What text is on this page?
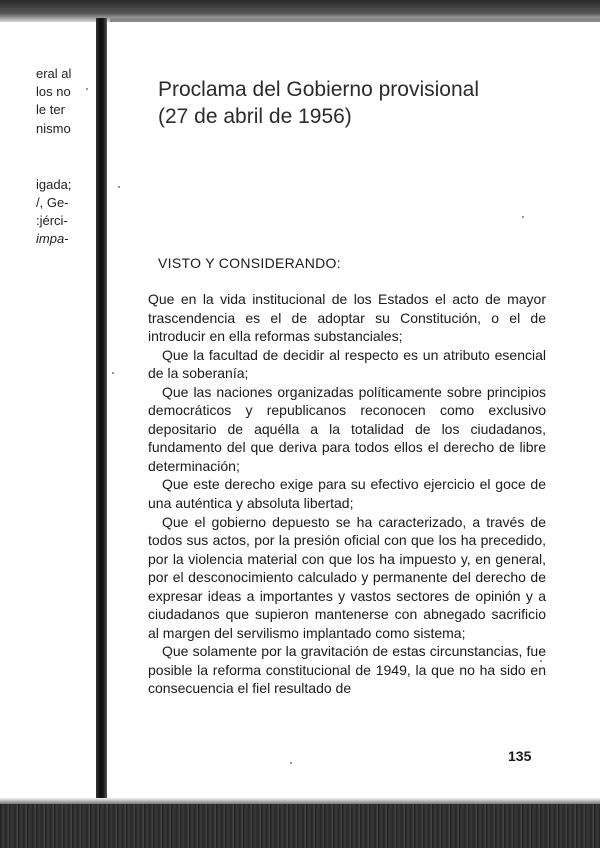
eral al
los no
le ter
nismo
igada;
/, Ge-
:jérci-
impa-
Proclama del Gobierno provisional
(27 de abril de 1956)
VISTO Y CONSIDERANDO:

Que en la vida institucional de los Estados el acto de mayor trascendencia es el de adoptar su Constitución, o el de introducir en ella reformas substanciales;

Que la facultad de decidir al respecto es un atributo esencial de la soberanía;

Que las naciones organizadas políticamente sobre principios democráticos y republicanos reconocen como exclusivo depositario de aquélla a la totalidad de los ciudadanos, fundamento del que deriva para todos ellos el derecho de libre determinación;

Que este derecho exige para su efectivo ejercicio el goce de una auténtica y absoluta libertad;

Que el gobierno depuesto se ha caracterizado, a través de todos sus actos, por la presión oficial con que los ha precedido, por la violencia material con que los ha impuesto y, en general, por el desconocimiento calculado y permanente del derecho de expresar ideas a importantes y vastos sectores de opinión y a ciudadanos que supieron mantenerse con abnegado sacrificio al margen del servilismo implantado como sistema;

Que solamente por la gravitación de estas circunstancias, fue posible la reforma constitucional de 1949, la que no ha sido en consecuencia el fiel resultado de

135
